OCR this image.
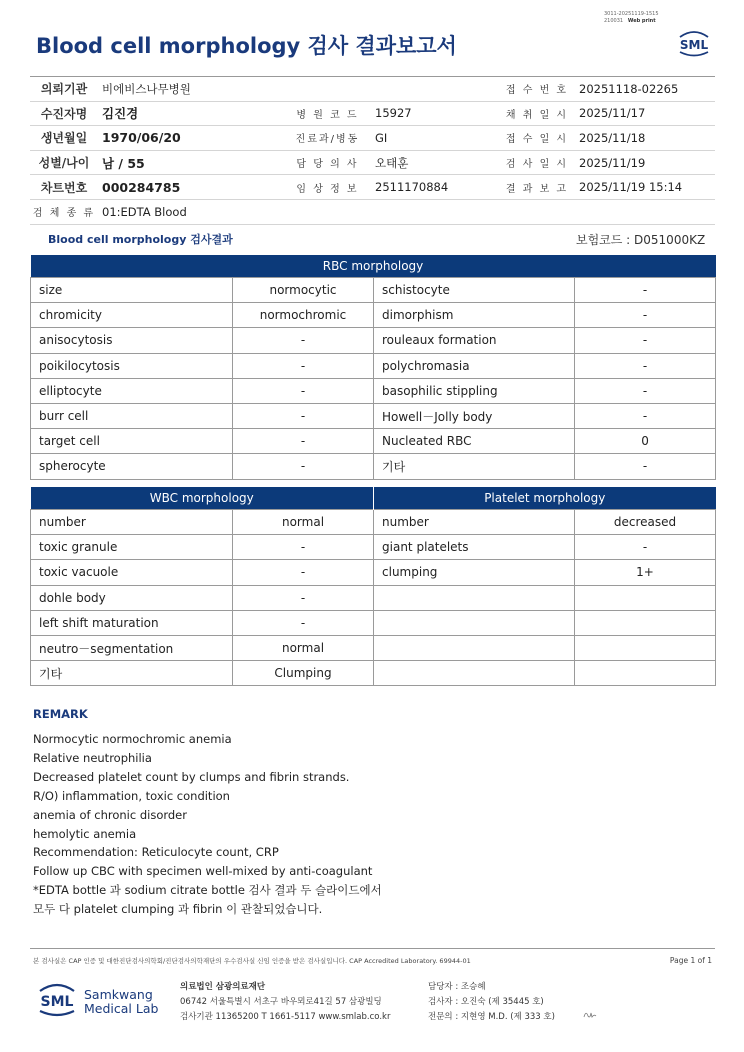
3011-20251119-1515
210031 Web print
Blood cell morphology 검사 결과보고서	SML
의뢰기관	비에비스나무병원			접 수 번 호	20251118-02265
수진자명	김진경	병 원 코 드	15927	채 취 일 시	2025/11/17
생년월일	1970/06/20	진료과/병동	GI	접 수 일 시	2025/11/18
성별/나이	남 / 55	담 당 의 사	오태훈	검 사 일 시	2025/11/19
차트번호	000284785	임 상 정 보	2511170884	결 과 보 고	2025/11/19 15:14
검 체 종 류	01:EDTA Blood				
Blood cell morphology 검사결과	보험코드 : D051000KZ
RBC morphology			
size	normocytic	schistocyte	-
chromicity	normochromic	dimorphism	-
anisocytosis	-	rouleaux formation	-
poikilocytosis	-	polychromasia	-
elliptocyte	-	basophilic stippling	-
burr cell	-	Howell－Jolly body	-
target cell	-	Nucleated RBC	0
spherocyte	-	기타	-
WBC morphology		Platelet morphology	
number	normal	number	decreased
toxic granule	-	giant platelets	-
toxic vacuole	-	clumping	1+
dohle body	-		
left shift maturation	-		
neutro－segmentation	normal		
기타	Clumping		
REMARK
Normocytic normochromic anemia
Relative neutrophilia
Decreased platelet count by clumps and fibrin strands.
R/O) inflammation, toxic condition
anemia of chronic disorder
hemolytic anemia
Recommendation: Reticulocyte count, CRP
Follow up CBC with specimen well-mixed by anti-coagulant
*EDTA bottle 과 sodium citrate bottle 검사 결과 두 슬라이드에서
모두 다 platelet clumping 과 fibrin 이 관찰되었습니다.
본 검사실은 CAP 인증 및 대한진단검사의학회/진단검사의학재단의 우수검사실 신임 인증을 받은 검사실입니다. CAP Accredited Laboratory. 69944-01	Page 1 of 1
SML Samkwang
Medical Lab
의료법인 삼광의료재단
06742 서울특별시 서초구 바우뫼로41길 57 삼광빌딩
검사기관 11365200 T 1661-5117 www.smlab.co.kr
담당자 : 조승혜
검사자 : 오진숙 (제 35445 호)
전문의 : 지현영 M.D. (제 333 호)
